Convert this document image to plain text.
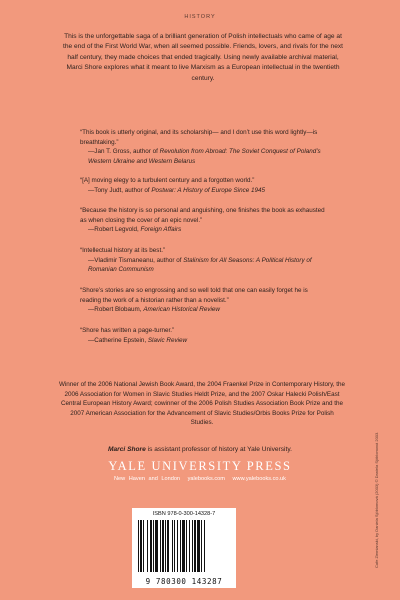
HISTORY

This is the unforgettable saga of a brilliant generation of Polish intellectuals who came of age at the end of the First World War, when all seemed possible. Friends, lovers, and rivals for the next half century, they made choices that ended tragically. Using newly available archival material, Marci Shore explores what it meant to live Marxism as a European intellectual in the twentieth century.

“This book is utterly original, and its scholarship— and I don’t use this word lightly—is breathtaking.”
—Jan T. Gross, author of Revolution from Abroad: The Soviet Conquest of Poland’s Western Ukraine and Western Belarus
“[A] moving elegy to a turbulent century and a forgotten world.”
—Tony Judt, author of Postwar: A History of Europe Since 1945
“Because the history is so personal and anguishing, one finishes the book as exhausted as when closing the cover of an epic novel.”
—Robert Legvold, Foreign Affairs
“Intellectual history at its best.”
—Vladimir Tismaneanu, author of Stalinism for All Seasons: A Political History of Romanian Communism
“Shore’s stories are so engrossing and so well told that one can easily forget he is reading the work of a historian rather than a novelist.”
—Robert Blobaum, American Historical Review
“Shore has written a page-turner.”
—Catherine Epstein, Slavic Review

Winner of the 2006 National Jewish Book Award, the 2004 Fraenkel Prize in Contemporary History, the 2006 Association for Women in Slavic Studies Heldt Prize, and the 2007 Oskar Halecki Polish/East Central European History Award; cowinner of the 2006 Polish Studies Association Book Prize and the 2007 American Association for the Advancement of Slavic Studies/Orbis Books Prize for Polish Studies.

Marci Shore is assistant professor of history at Yale University.

YALE UNIVERSITY PRESS
New Haven and London yalebooks.com www.yalebooks.co.uk
ISBN 978-0-300-14328-7
9 780300 143287
Cafe Ziemianski, by Daniela Sjöblomová (2003) © Daniela Sjöblomová 2003.
